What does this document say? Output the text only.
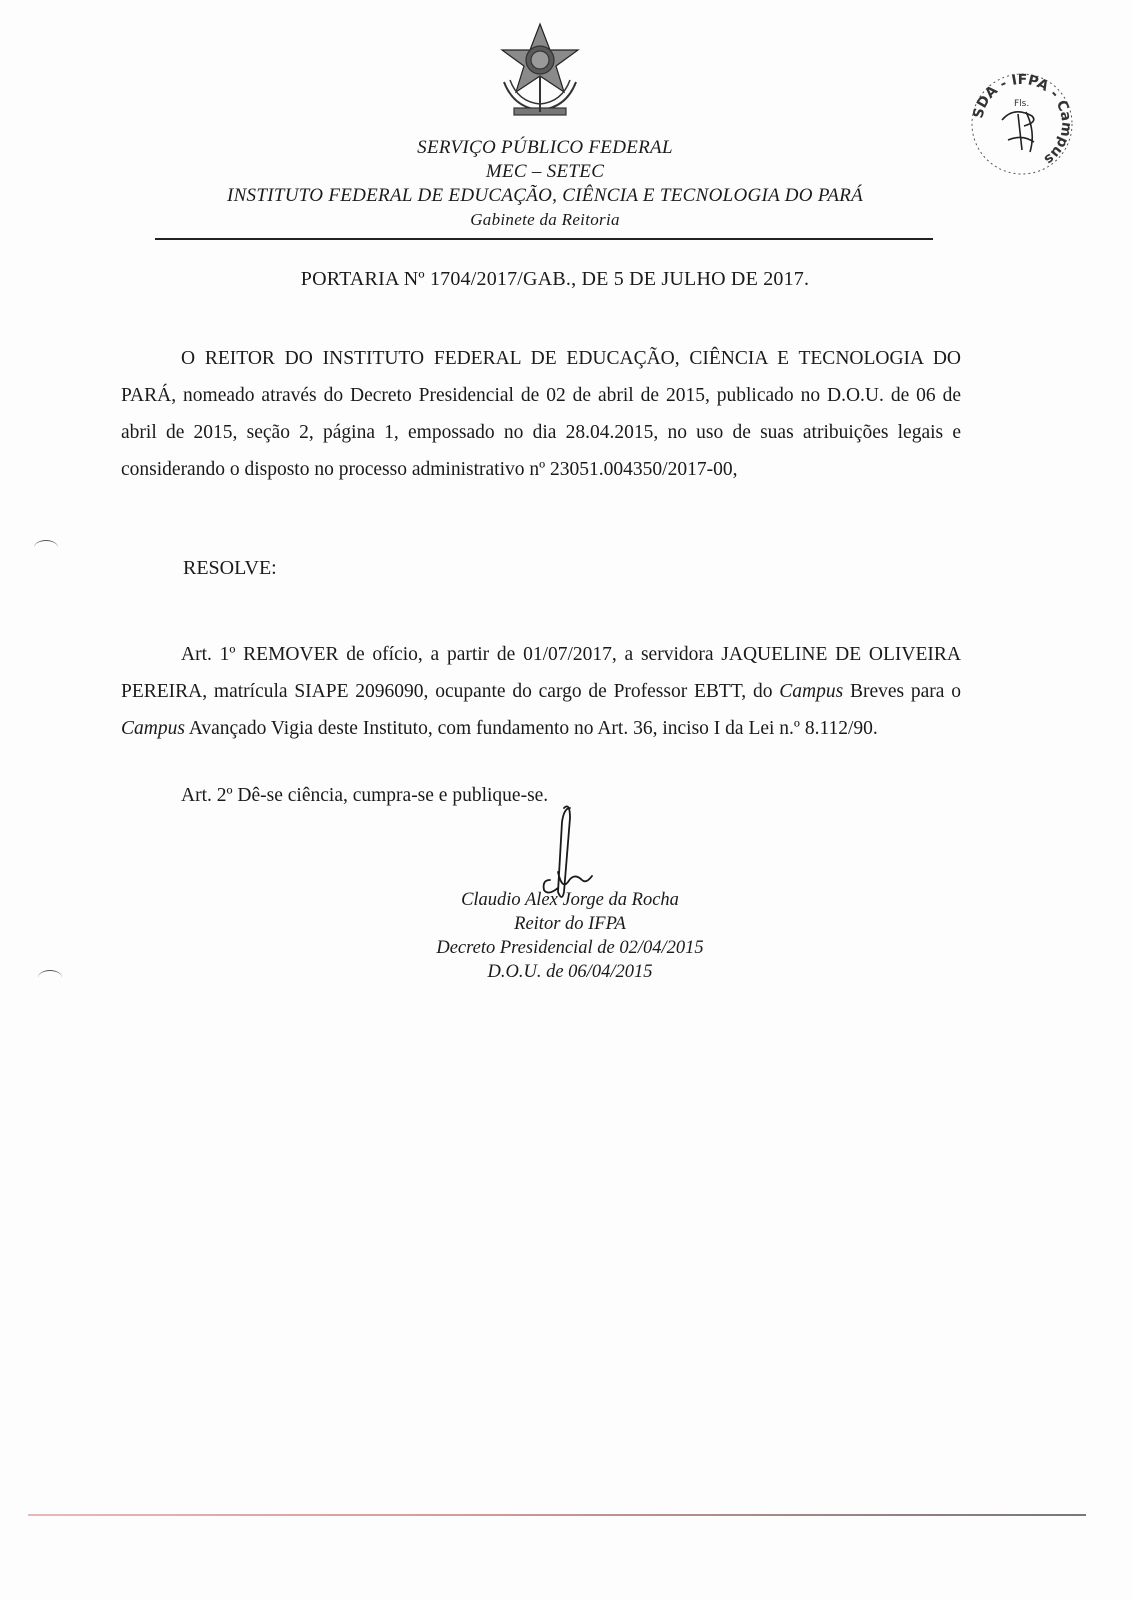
SDA - IFPA - Campus
Fls.
SERVIÇO PÚBLICO FEDERAL
MEC – SETEC
INSTITUTO FEDERAL DE EDUCAÇÃO, CIÊNCIA E TECNOLOGIA DO PARÁ
Gabinete da Reitoria
PORTARIA Nº 1704/2017/GAB., DE 5 DE JULHO DE 2017.
O REITOR DO INSTITUTO FEDERAL DE EDUCAÇÃO, CIÊNCIA E TECNOLOGIA DO PARÁ, nomeado através do Decreto Presidencial de 02 de abril de 2015, publicado no D.O.U. de 06 de abril de 2015, seção 2, página 1, empossado no dia 28.04.2015, no uso de suas atribuições legais e considerando o disposto no processo administrativo nº 23051.004350/2017-00,
RESOLVE:
Art. 1º REMOVER de ofício, a partir de 01/07/2017, a servidora JAQUELINE DE OLIVEIRA PEREIRA, matrícula SIAPE 2096090, ocupante do cargo de Professor EBTT, do Campus Breves para o Campus Avançado Vigia deste Instituto, com fundamento no Art. 36, inciso I da Lei n.º 8.112/90.
Art. 2º Dê-se ciência, cumpra-se e publique-se.
Claudio Alex Jorge da Rocha
Reitor do IFPA
Decreto Presidencial de 02/04/2015
D.O.U. de 06/04/2015
